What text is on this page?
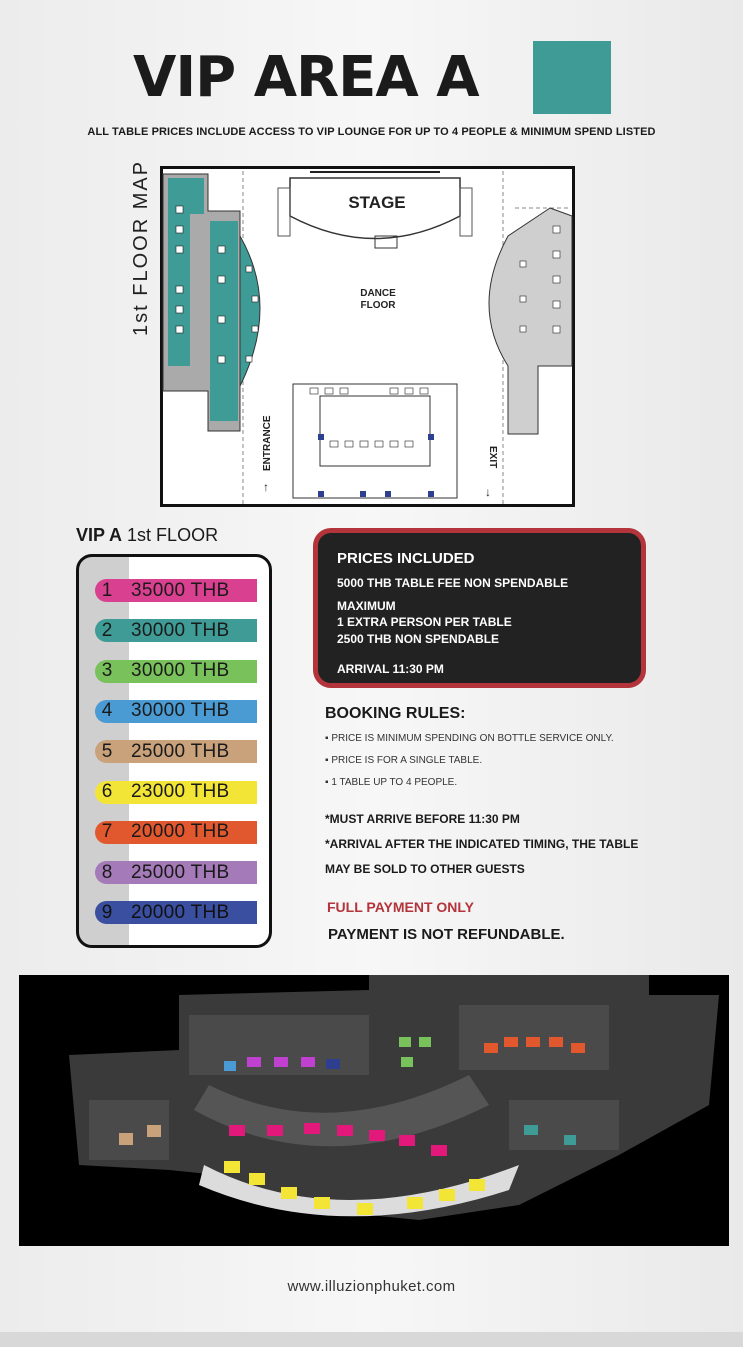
VIP AREA A
ALL TABLE PRICES INCLUDE ACCESS TO VIP LOUNGE FOR UP TO 4 PEOPLE & MINIMUM SPEND LISTED
1st FLOOR MAP	STAGE
DANCE
FLOOR
ENTRANCE
↑
EXIT
↓
VIP A 1st FLOOR
1 35000 THB
2 30000 THB
3 30000 THB
4 30000 THB
5 25000 THB
6 23000 THB
7 20000 THB
8 25000 THB
9 20000 THB
PRICES INCLUDED
5000 THB TABLE FEE NON SPENDABLE
MAXIMUM
1 EXTRA PERSON PER TABLE
2500 THB NON SPENDABLE
ARRIVAL 11:30 PM
BOOKING RULES:
▪ PRICE IS MINIMUM SPENDING ON BOTTLE SERVICE ONLY.
▪ PRICE IS FOR A SINGLE TABLE.
▪ 1 TABLE UP TO 4 PEOPLE.
*MUST ARRIVE BEFORE 11:30 PM
*ARRIVAL AFTER THE INDICATED TIMING, THE TABLE
MAY BE SOLD TO OTHER GUESTS
FULL PAYMENT ONLY
PAYMENT IS NOT REFUNDABLE.
www.illuzionphuket.com
